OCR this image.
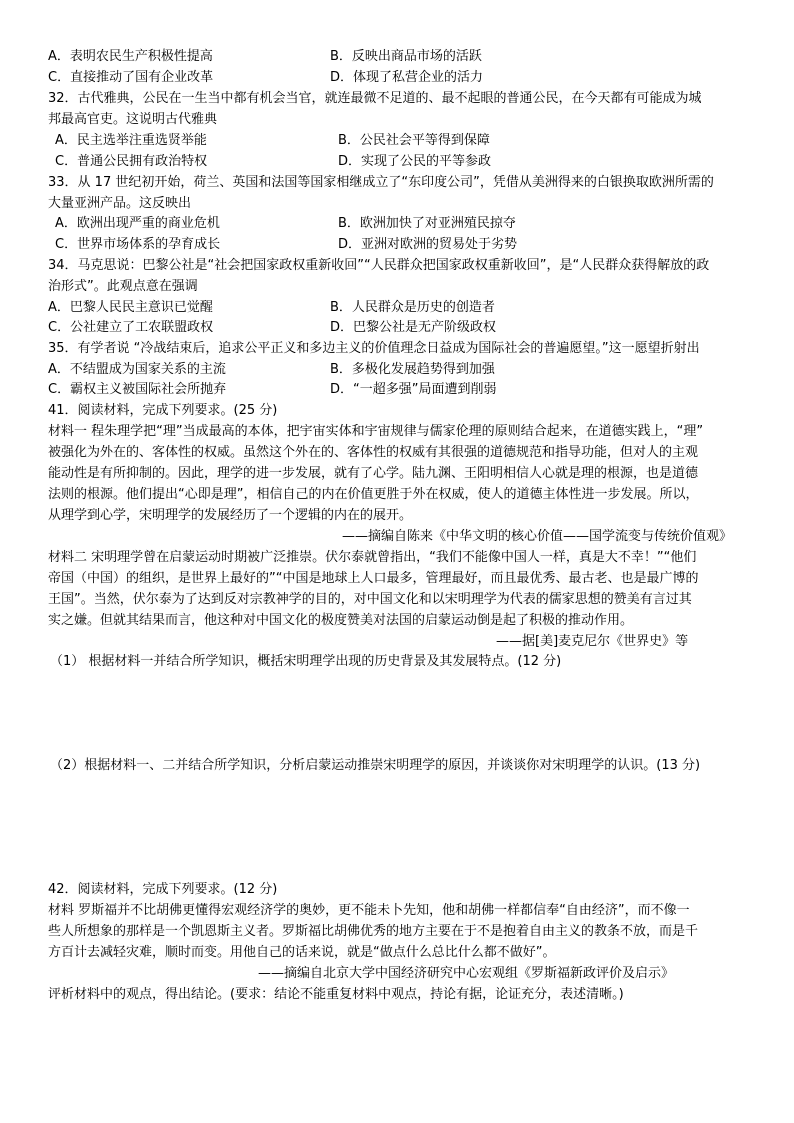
A．表明农民生产积极性提高	B．反映出商品市场的活跃
C．直接推动了国有企业改革	D．体现了私营企业的活力
32．古代雅典，公民在一生当中都有机会当官，就连最微不足道的、最不起眼的普通公民，在今天都有可能成为城
邦最高官吏。这说明古代雅典
A．民主选举注重选贤举能	B．公民社会平等得到保障
C．普通公民拥有政治特权	D．实现了公民的平等参政
33．从 17 世纪初开始，荷兰、英国和法国等国家相继成立了“东印度公司”，凭借从美洲得来的白银换取欧洲所需的
大量亚洲产品。这反映出
A．欧洲出现严重的商业危机	B．欧洲加快了对亚洲殖民掠夺
C．世界市场体系的孕育成长	D．亚洲对欧洲的贸易处于劣势
34．马克思说：巴黎公社是“社会把国家政权重新收回”“人民群众把国家政权重新收回”，是“人民群众获得解放的政
治形式”。此观点意在强调
A．巴黎人民民主意识已觉醒	B．人民群众是历史的创造者
C．公社建立了工农联盟政权	D．巴黎公社是无产阶级政权
35．有学者说 “冷战结束后，追求公平正义和多边主义的价值理念日益成为国际社会的普遍愿望。”这一愿望折射出
A．不结盟成为国家关系的主流	B．多极化发展趋势得到加强
C．霸权主义被国际社会所抛弃	D．“一超多强”局面遭到削弱
41．阅读材料，完成下列要求。(25 分)
材料一 程朱理学把“理”当成最高的本体，把宇宙实体和宇宙规律与儒家伦理的原则结合起来，在道德实践上，“理”
被强化为外在的、客体性的权威。虽然这个外在的、客体性的权威有其很强的道德规范和指导功能，但对人的主观
能动性是有所抑制的。因此，理学的进一步发展，就有了心学。陆九渊、王阳明相信人心就是理的根源，也是道德
法则的根源。他们提出“心即是理”，相信自己的内在价值更胜于外在权威，使人的道德主体性进一步发展。所以，
从理学到心学，宋明理学的发展经历了一个逻辑的内在的展开。
——摘编自陈来《中华文明的核心价值——国学流变与传统价值观》
材料二 宋明理学曾在启蒙运动时期被广泛推崇。伏尔泰就曾指出，“我们不能像中国人一样，真是大不幸！”“他们
帝国（中国）的组织，是世界上最好的”“中国是地球上人口最多，管理最好，而且最优秀、最古老、也是最广博的
王国”。当然，伏尔泰为了达到反对宗教神学的目的，对中国文化和以宋明理学为代表的儒家思想的赞美有言过其
实之嫌。但就其结果而言，他这种对中国文化的极度赞美对法国的启蒙运动倒是起了积极的推动作用。
——据[美]麦克尼尔《世界史》等
（1） 根据材料一并结合所学知识，概括宋明理学出现的历史背景及其发展特点。(12 分)
（2）根据材料一、二并结合所学知识，分析启蒙运动推崇宋明理学的原因，并谈谈你对宋明理学的认识。(13 分)
42．阅读材料，完成下列要求。(12 分)
材料 罗斯福并不比胡佛更懂得宏观经济学的奥妙，更不能未卜先知，他和胡佛一样都信奉“自由经济”，而不像一
些人所想象的那样是一个凯恩斯主义者。罗斯福比胡佛优秀的地方主要在于不是抱着自由主义的教条不放，而是千
方百计去减轻灾难，顺时而变。用他自己的话来说，就是“做点什么总比什么都不做好”。
——摘编自北京大学中国经济研究中心宏观组《罗斯福新政评价及启示》
评析材料中的观点，得出结论。(要求：结论不能重复材料中观点，持论有据，论证充分，表述清晰。)
